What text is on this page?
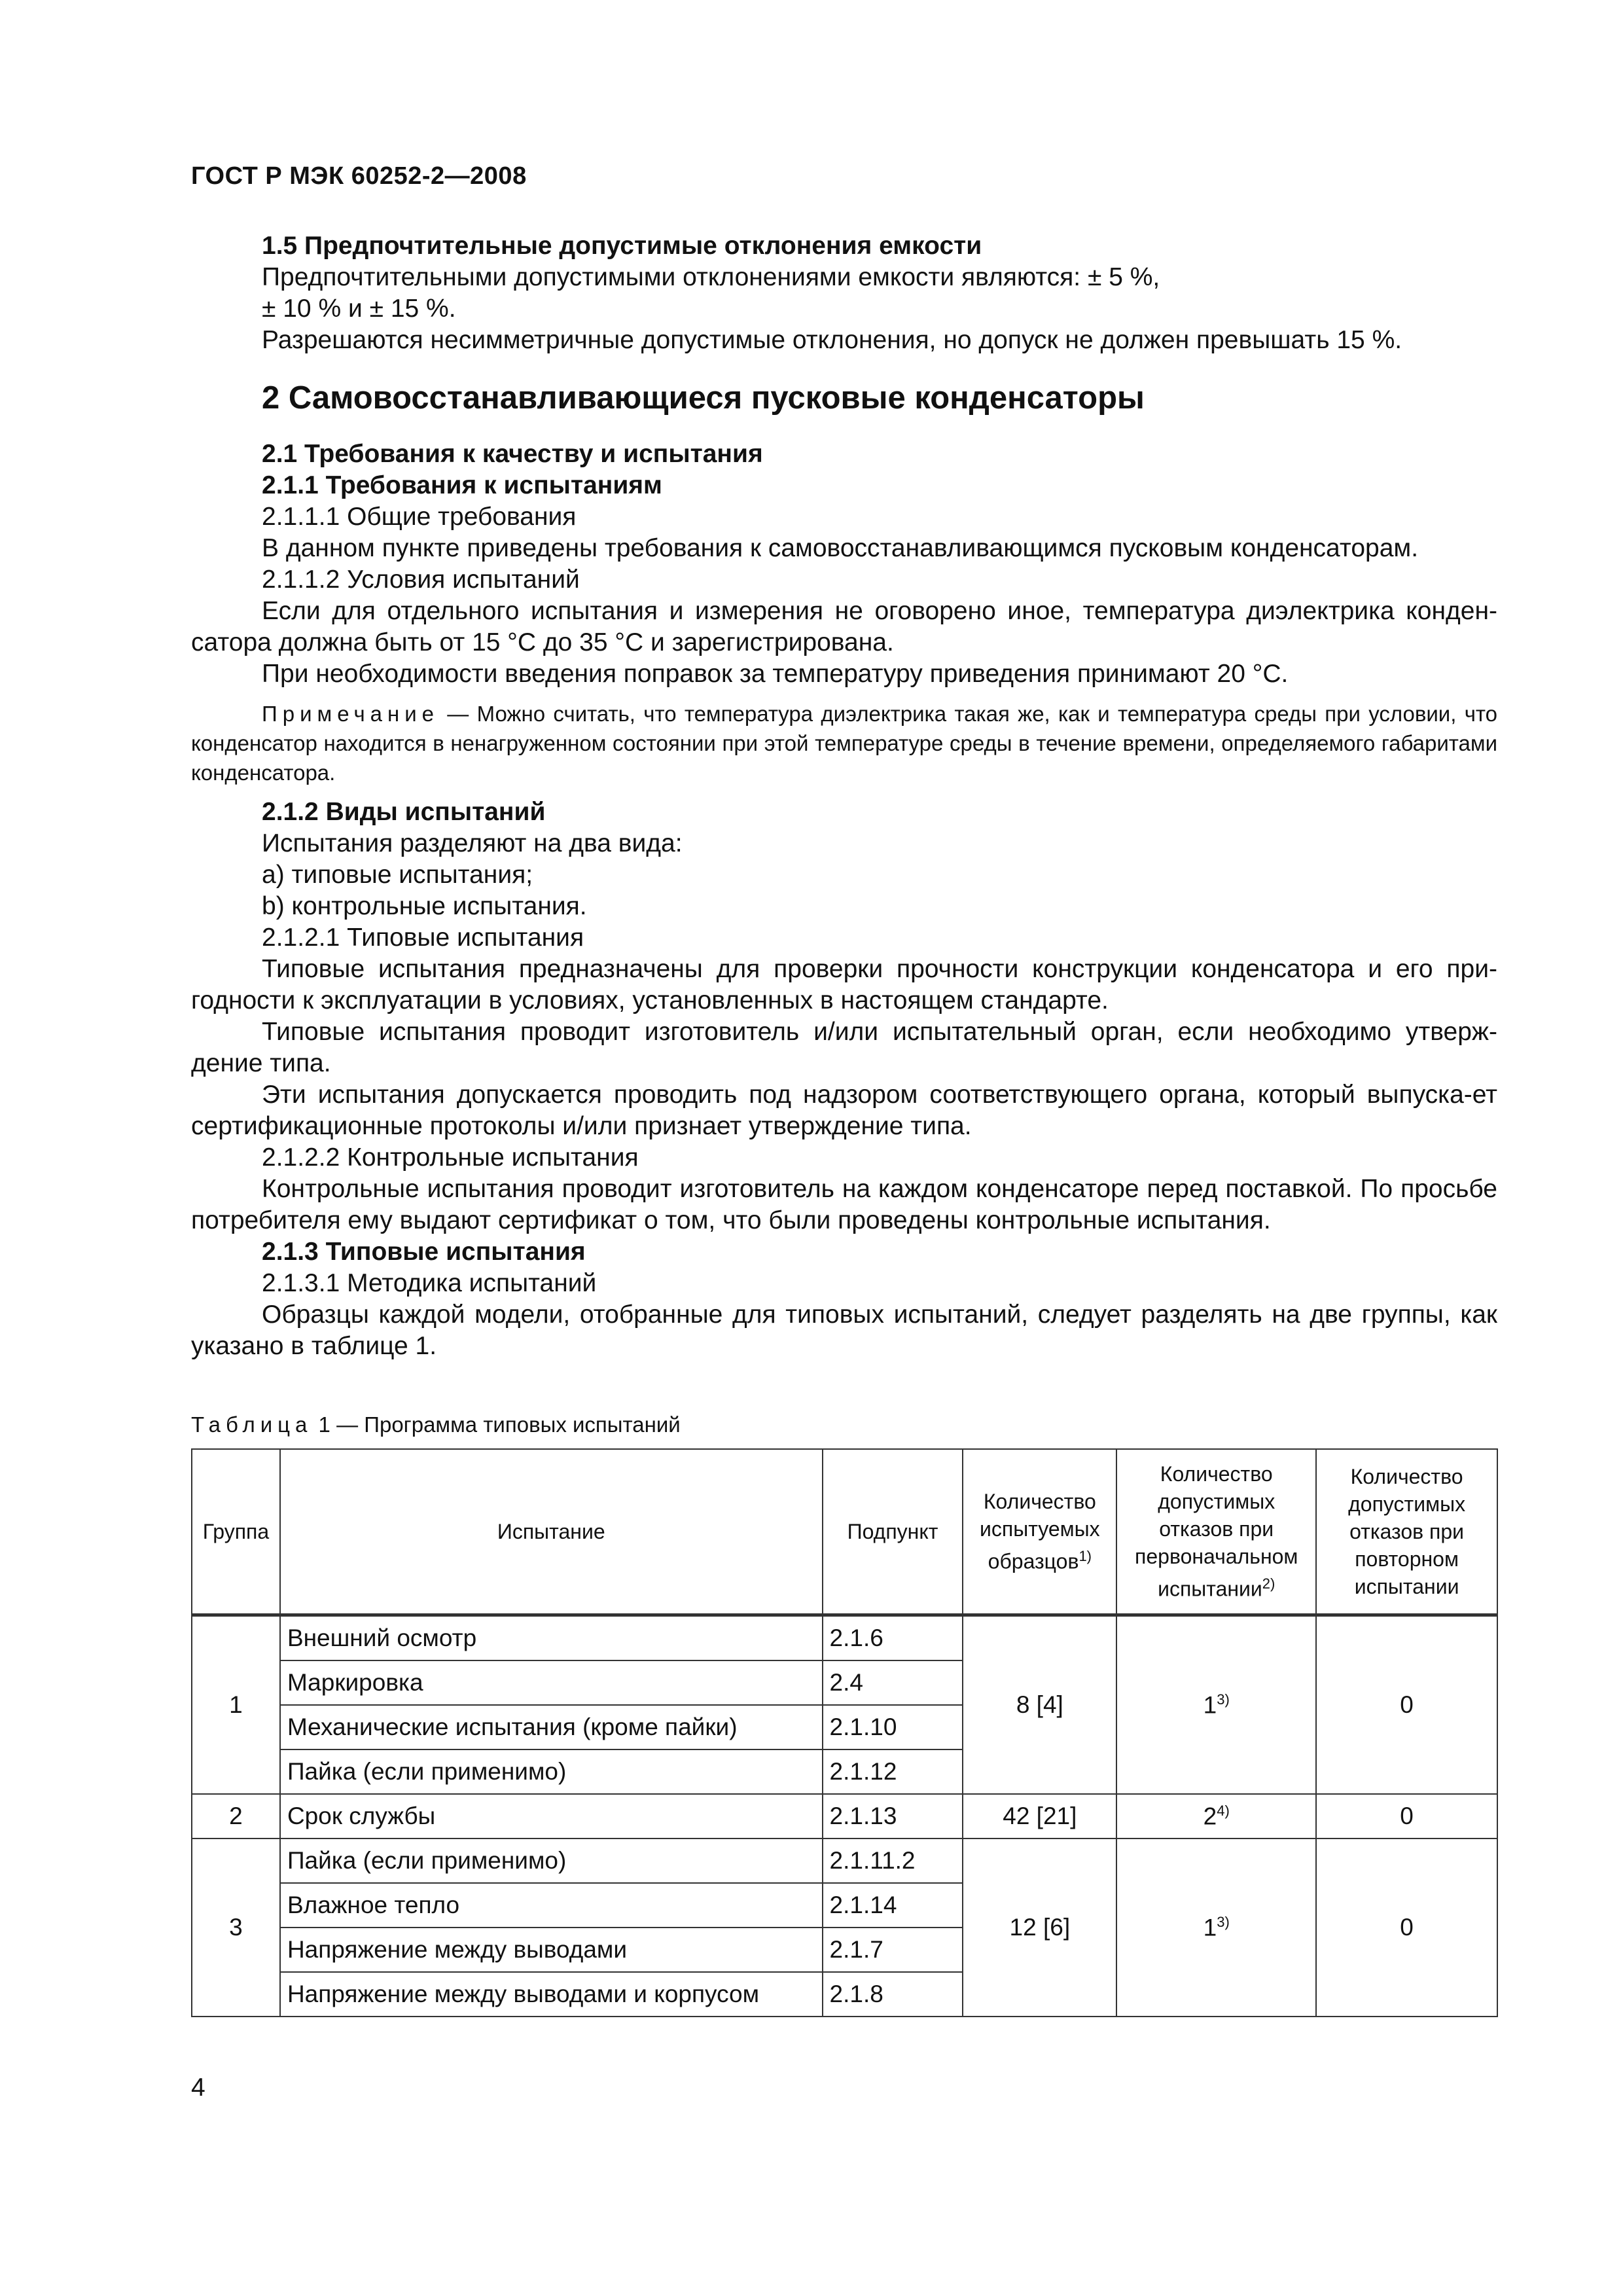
ГОСТ Р МЭК 60252-2—2008

1.5 Предпочтительные допустимые отклонения емкости

Предпочтительными допустимыми отклонениями емкости являются: ± 5 %,

± 10 % и ± 15 %.

Разрешаются несимметричные допустимые отклонения, но допуск не должен превышать 15 %.

2 Самовосстанавливающиеся пусковые конденсаторы

2.1 Требования к качеству и испытания

2.1.1 Требования к испытаниям

2.1.1.1 Общие требования

В данном пункте приведены требования к самовосстанавливающимся пусковым конденсаторам.

2.1.1.2 Условия испытаний

Если для отдельного испытания и измерения не оговорено иное, температура диэлектрика конден-сатора должна быть от 15 °С до 35 °С и зарегистрирована.

При необходимости введения поправок за температуру приведения принимают 20 °С.

Примечание — Можно считать, что температура диэлектрика такая же, как и температура среды при условии, что конденсатор находится в ненагруженном состоянии при этой температуре среды в течение времени, определяемого габаритами конденсатора.

2.1.2 Виды испытаний

Испытания разделяют на два вида:

a) типовые испытания;

b) контрольные испытания.

2.1.2.1 Типовые испытания

Типовые испытания предназначены для проверки прочности конструкции конденсатора и его при-годности к эксплуатации в условиях, установленных в настоящем стандарте.

Типовые испытания проводит изготовитель и/или испытательный орган, если необходимо утверж-дение типа.

Эти испытания допускается проводить под надзором соответствующего органа, который выпуска-ет сертификационные протоколы и/или признает утверждение типа.

2.1.2.2 Контрольные испытания

Контрольные испытания проводит изготовитель на каждом конденсаторе перед поставкой. По просьбе потребителя ему выдают сертификат о том, что были проведены контрольные испытания.

2.1.3 Типовые испытания

2.1.3.1 Методика испытаний

Образцы каждой модели, отобранные для типовых испытаний, следует разделять на две группы, как указано в таблице 1.

Таблица 1 — Программа типовых испытаний
Группа	Испытание	Подпункт	Количество испытуемых образцов$^{1)}$	Количество допустимых отказов при первоначальном испытании$^{2)}$	Количество допустимых отказов при повторном испытании
1	Внешний осмотр	2.1.6	8 [4]	1$^{3)}$	0
	Маркировка	2.4			
	Механические испытания (кроме пайки)	2.1.10			
	Пайка (если применимо)	2.1.12			
2	Срок службы	2.1.13	42 [21]	2$^{4)}$	0
3	Пайка (если применимо)	2.1.11.2	12 [6]	1$^{3)}$	0
	Влажное тепло	2.1.14			
	Напряжение между выводами	2.1.7			
	Напряжение между выводами и корпусом	2.1.8			
4
